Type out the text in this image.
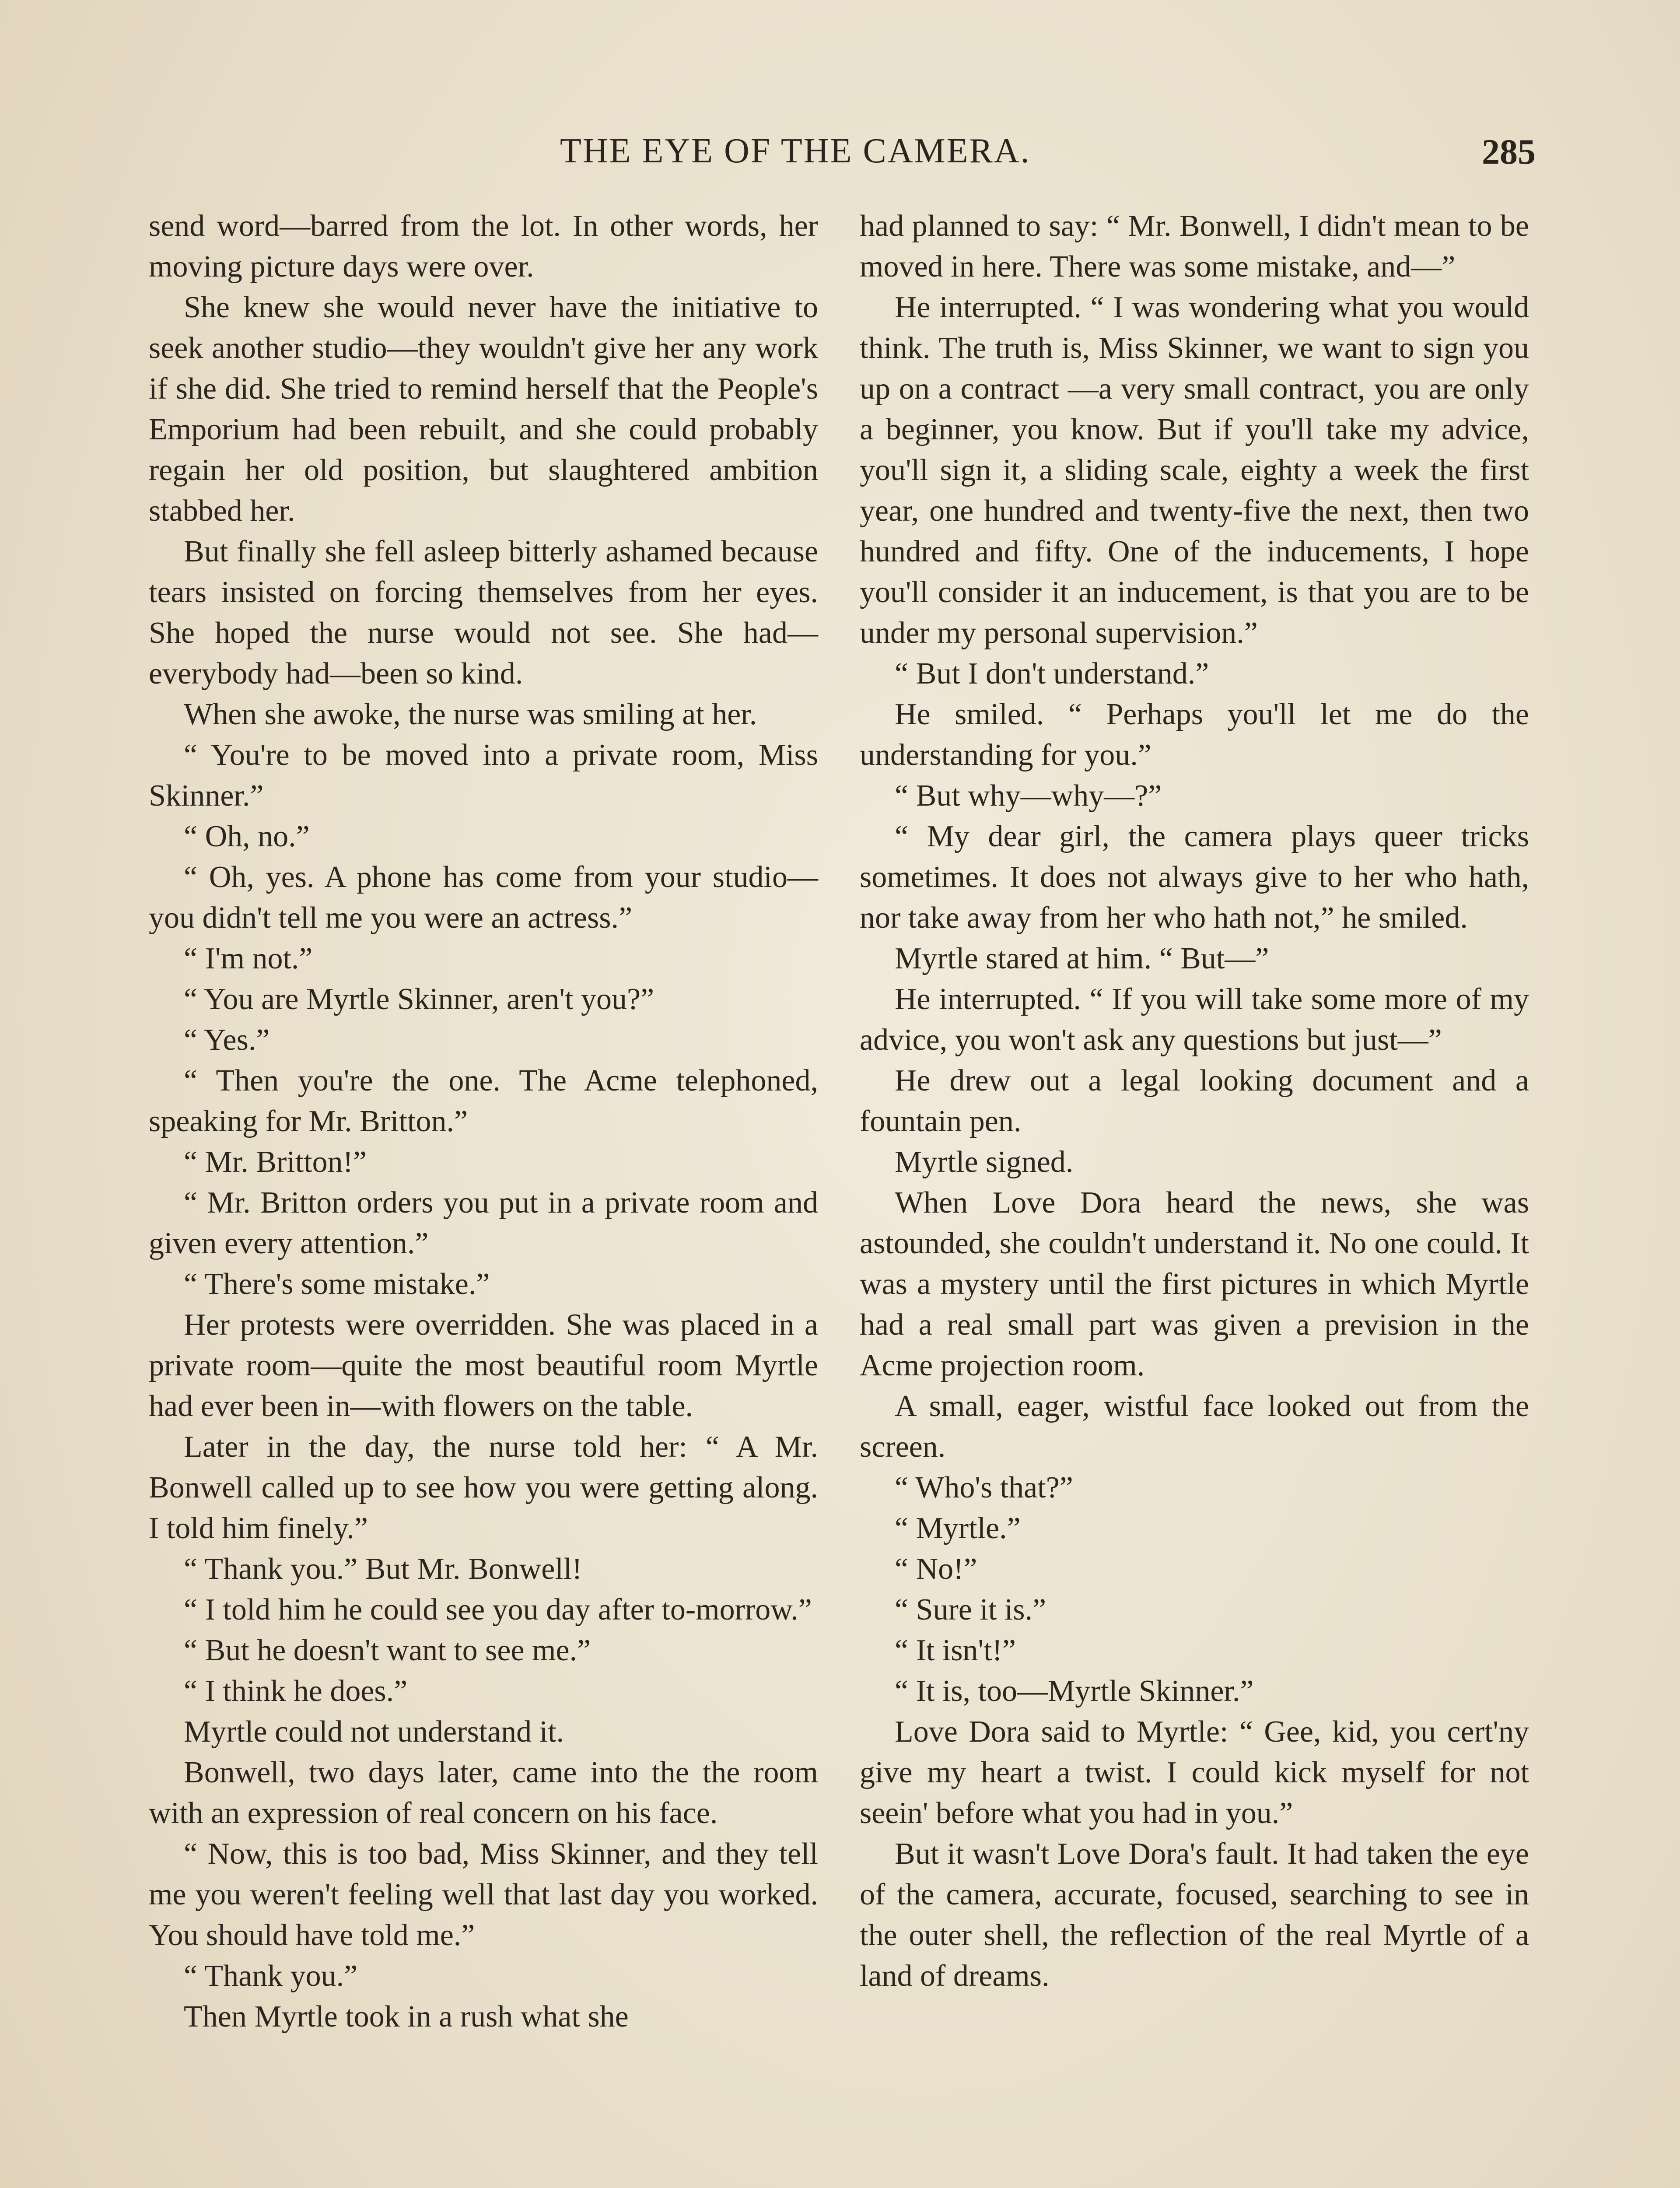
THE EYE OF THE CAMERA.	285

send word—barred from the lot. In other words, her moving picture days were over.

She knew she would never have the initiative to seek another studio—they wouldn't give her any work if she did. She tried to remind herself that the People's Emporium had been rebuilt, and she could probably regain her old position, but slaughtered ambition stabbed her.

But finally she fell asleep bitterly ashamed because tears insisted on forcing themselves from her eyes. She hoped the nurse would not see. She had—everybody had—been so kind.

When she awoke, the nurse was smiling at her.

“ You're to be moved into a private room, Miss Skinner.”

“ Oh, no.”

“ Oh, yes. A phone has come from your studio—you didn't tell me you were an actress.”

“ I'm not.”

“ You are Myrtle Skinner, aren't you?”

“ Yes.”

“ Then you're the one. The Acme telephoned, speaking for Mr. Britton.”

“ Mr. Britton!”

“ Mr. Britton orders you put in a private room and given every attention.”

“ There's some mistake.”

Her protests were overridden. She was placed in a private room—quite the most beautiful room Myrtle had ever been in—with flowers on the table.

Later in the day, the nurse told her: “ A Mr. Bonwell called up to see how you were getting along. I told him finely.”

“ Thank you.” But Mr. Bonwell!

“ I told him he could see you day after to-morrow.”

“ But he doesn't want to see me.”

“ I think he does.”

Myrtle could not understand it.

Bonwell, two days later, came into the the room with an expression of real concern on his face.

“ Now, this is too bad, Miss Skinner, and they tell me you weren't feeling well that last day you worked. You should have told me.”

“ Thank you.”

Then Myrtle took in a rush what she

had planned to say: “ Mr. Bonwell, I didn't mean to be moved in here. There was some mistake, and—”

He interrupted. “ I was wondering what you would think. The truth is, Miss Skinner, we want to sign you up on a contract —a very small contract, you are only a beginner, you know. But if you'll take my advice, you'll sign it, a sliding scale, eighty a week the first year, one hundred and twenty-five the next, then two hundred and fifty. One of the inducements, I hope you'll consider it an inducement, is that you are to be under my personal supervision.”

“ But I don't understand.”

He smiled. “ Perhaps you'll let me do the understanding for you.”

“ But why—why—?”

“ My dear girl, the camera plays queer tricks sometimes. It does not always give to her who hath, nor take away from her who hath not,” he smiled.

Myrtle stared at him. “ But—”

He interrupted. “ If you will take some more of my advice, you won't ask any questions but just—”

He drew out a legal looking document and a fountain pen.

Myrtle signed.

When Love Dora heard the news, she was astounded, she couldn't understand it. No one could. It was a mystery until the first pictures in which Myrtle had a real small part was given a prevision in the Acme projection room.

A small, eager, wistful face looked out from the screen.

“ Who's that?”

“ Myrtle.”

“ No!”

“ Sure it is.”

“ It isn't!”

“ It is, too—Myrtle Skinner.”

Love Dora said to Myrtle: “ Gee, kid, you cert'ny give my heart a twist. I could kick myself for not seein' before what you had in you.”

But it wasn't Love Dora's fault. It had taken the eye of the camera, accurate, focused, searching to see in the outer shell, the reflection of the real Myrtle of a land of dreams.
